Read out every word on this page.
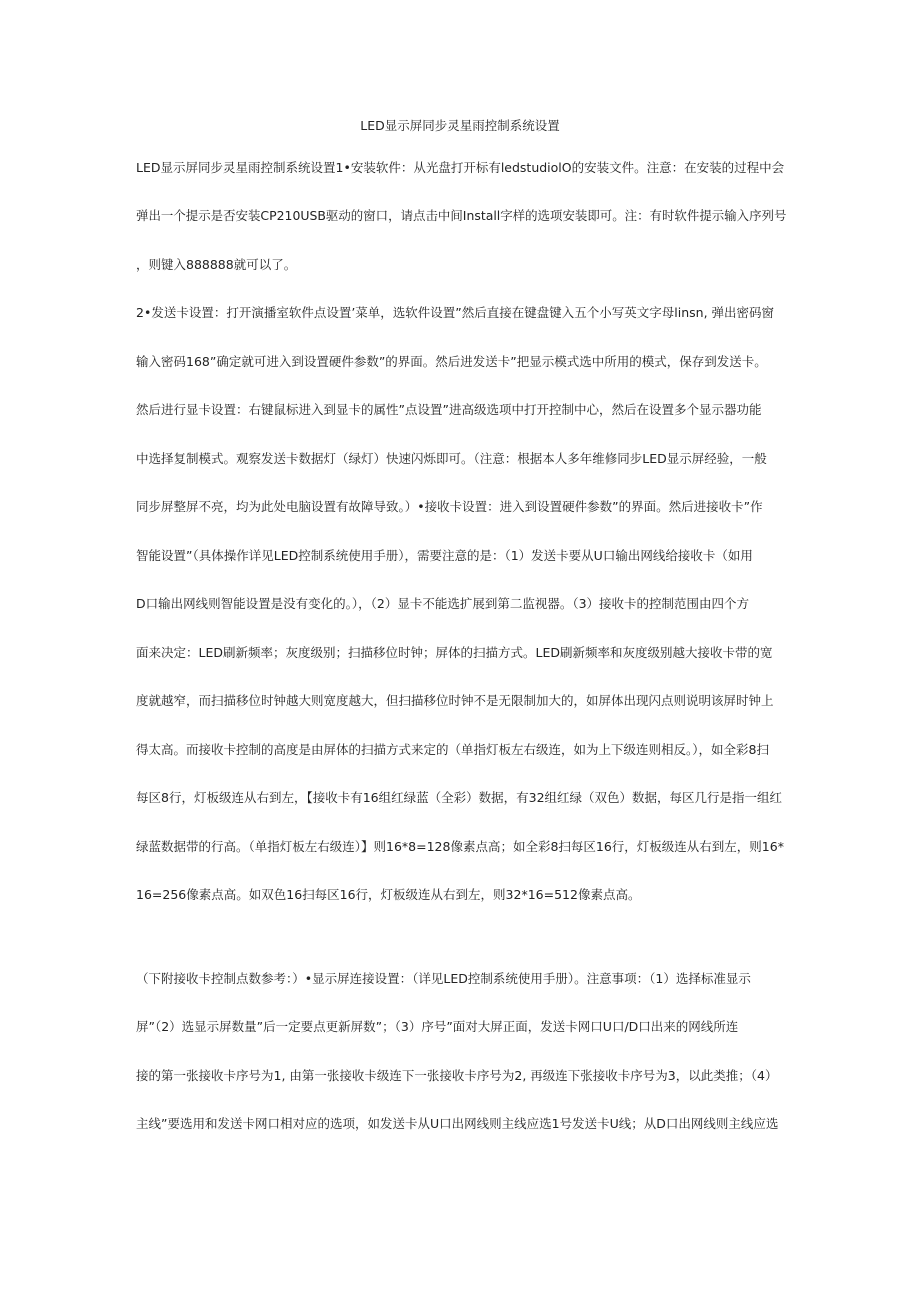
LED显示屏同步灵星雨控制系统设置
LED显示屏同步灵星雨控制系统设置1•安装软件：从光盘打开标有ledstudiolO的安装文件。注意：在安装的过程中会
弹出一个提示是否安装CP210USB驱动的窗口，请点击中间Install字样的选项安装即可。注：有时软件提示输入序列号
，则键入888888就可以了。
2•发送卡设置：打开演播室软件点设置’菜单，选软件设置”然后直接在键盘键入五个小写英文字母linsn, 弹出密码窗
输入密码168”确定就可进入到设置硬件参数”的界面。然后进发送卡”把显示模式选中所用的模式，保存到发送卡。
然后进行显卡设置：右键鼠标进入到显卡的属性”点设置”进高级选项中打开控制中心，然后在设置多个显示器功能
中选择复制模式。观察发送卡数据灯（绿灯）快速闪烁即可。（注意：根据本人多年维修同步LED显示屏经验，一般
同步屏整屏不亮，均为此处电脑设置有故障导致。）•接收卡设置：进入到设置硬件参数”的界面。然后进接收卡”作
智能设置”（具体操作详见LED控制系统使用手册），需要注意的是：（1）发送卡要从U口输出网线给接收卡（如用
D口输出网线则智能设置是没有变化的。），（2）显卡不能选扩展到第二监视器。（3）接收卡的控制范围由四个方
面来决定：LED刷新频率；灰度级别；扫描移位时钟；屏体的扫描方式。LED刷新频率和灰度级别越大接收卡带的宽
度就越窄，而扫描移位时钟越大则宽度越大，但扫描移位时钟不是无限制加大的，如屏体出现闪点则说明该屏时钟上
得太高。而接收卡控制的高度是由屏体的扫描方式来定的（单指灯板左右级连，如为上下级连则相反。），如全彩8扫
每区8行，灯板级连从右到左，【接收卡有16组红绿蓝（全彩）数据，有32组红绿（双色）数据，每区几行是指一组红
绿蓝数据带的行高。（单指灯板左右级连）】则16*8=128像素点高；如全彩8扫每区16行，灯板级连从右到左，则16*
16=256像素点高。如双色16扫每区16行，灯板级连从右到左，则32*16=512像素点高。
（下附接收卡控制点数参考：）•显示屏连接设置：（详见LED控制系统使用手册）。注意事项：（1）选择标准显示
屏”（2）选显示屏数量”后一定要点更新屏数”；（3）序号”面对大屏正面，发送卡网口U口/D口出来的网线所连
接的第一张接收卡序号为1, 由第一张接收卡级连下一张接收卡序号为2, 再级连下张接收卡序号为3，以此类推；（4）
主线”要选用和发送卡网口相对应的选项，如发送卡从U口出网线则主线应选1号发送卡U线；从D口出网线则主线应选
